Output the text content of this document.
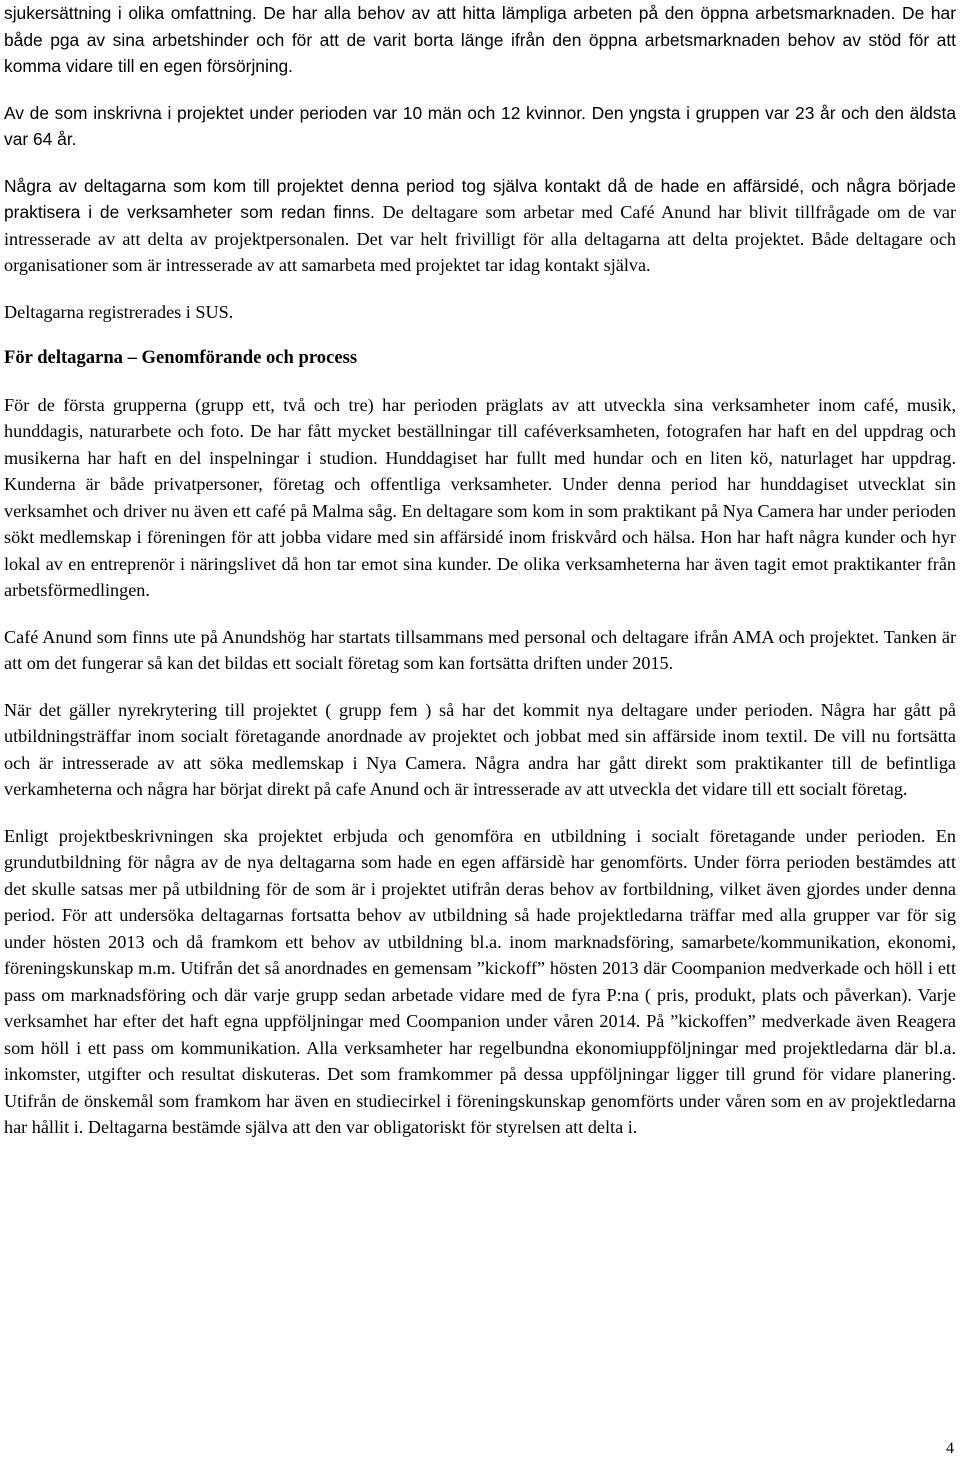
sjukersättning i olika omfattning. De har alla behov av att hitta lämpliga arbeten på den öppna arbetsmarknaden. De har både pga av sina arbetshinder och för att de varit borta länge ifrån den öppna arbetsmarknaden behov av stöd för att komma vidare till en egen försörjning.

Av de som inskrivna i projektet under perioden var 10 män och 12 kvinnor. Den yngsta i gruppen var 23 år och den äldsta var 64 år.

Några av deltagarna som kom till projektet denna period tog själva kontakt då de hade en affärsidé, och några började praktisera i de verksamheter som redan finns. De deltagare som arbetar med Café Anund har blivit tillfrågade om de var intresserade av att delta av projektpersonalen. Det var helt frivilligt för alla deltagarna att delta projektet. Både deltagare och organisationer som är intresserade av att samarbeta med projektet tar idag kontakt själva.

Deltagarna registrerades i SUS.

För deltagarna – Genomförande och process

För de första grupperna (grupp ett, två och tre) har perioden präglats av att utveckla sina verksamheter inom café, musik, hunddagis, naturarbete och foto. De har fått mycket beställningar till caféverksamheten, fotografen har haft en del uppdrag och musikerna har haft en del inspelningar i studion. Hunddagiset har fullt med hundar och en liten kö, naturlaget har uppdrag. Kunderna är både privatpersoner, företag och offentliga verksamheter. Under denna period har hunddagiset utvecklat sin verksamhet och driver nu även ett café på Malma såg. En deltagare som kom in som praktikant på Nya Camera har under perioden sökt medlemskap i föreningen för att jobba vidare med sin affärsidé inom friskvård och hälsa. Hon har haft några kunder och hyr lokal av en entreprenör i näringslivet då hon tar emot sina kunder. De olika verksamheterna har även tagit emot praktikanter från arbetsförmedlingen.

Café Anund som finns ute på Anundshög har startats tillsammans med personal och deltagare ifrån AMA och projektet. Tanken är att om det fungerar så kan det bildas ett socialt företag som kan fortsätta driften under 2015.

När det gäller nyrekrytering till projektet ( grupp fem ) så har det kommit nya deltagare under perioden. Några har gått på utbildningsträffar inom socialt företagande anordnade av projektet och jobbat med sin affärside inom textil. De vill nu fortsätta och är intresserade av att söka medlemskap i Nya Camera. Några andra har gått direkt som praktikanter till de befintliga verkamheterna och några har börjat direkt på cafe Anund och är intresserade av att utveckla det vidare till ett socialt företag.

Enligt projektbeskrivningen ska projektet erbjuda och genomföra en utbildning i socialt företagande under perioden. En grundutbildning för några av de nya deltagarna som hade en egen affärsidè har genomförts. Under förra perioden bestämdes att det skulle satsas mer på utbildning för de som är i projektet utifrån deras behov av fortbildning, vilket även gjordes under denna period. För att undersöka deltagarnas fortsatta behov av utbildning så hade projektledarna träffar med alla grupper var för sig under hösten 2013 och då framkom ett behov av utbildning bl.a. inom marknadsföring, samarbete/kommunikation, ekonomi, föreningskunskap m.m. Utifrån det så anordnades en gemensam ”kickoff” hösten 2013 där Coompanion medverkade och höll i ett pass om marknadsföring och där varje grupp sedan arbetade vidare med de fyra P:na ( pris, produkt, plats och påverkan). Varje verksamhet har efter det haft egna uppföljningar med Coompanion under våren 2014. På ”kickoffen” medverkade även Reagera som höll i ett pass om kommunikation. Alla verksamheter har regelbundna ekonomiuppföljningar med projektledarna där bl.a. inkomster, utgifter och resultat diskuteras. Det som framkommer på dessa uppföljningar ligger till grund för vidare planering. Utifrån de önskemål som framkom har även en studiecirkel i föreningskunskap genomförts under våren som en av projektledarna har hållit i. Deltagarna bestämde själva att den var obligatoriskt för styrelsen att delta i.

4
